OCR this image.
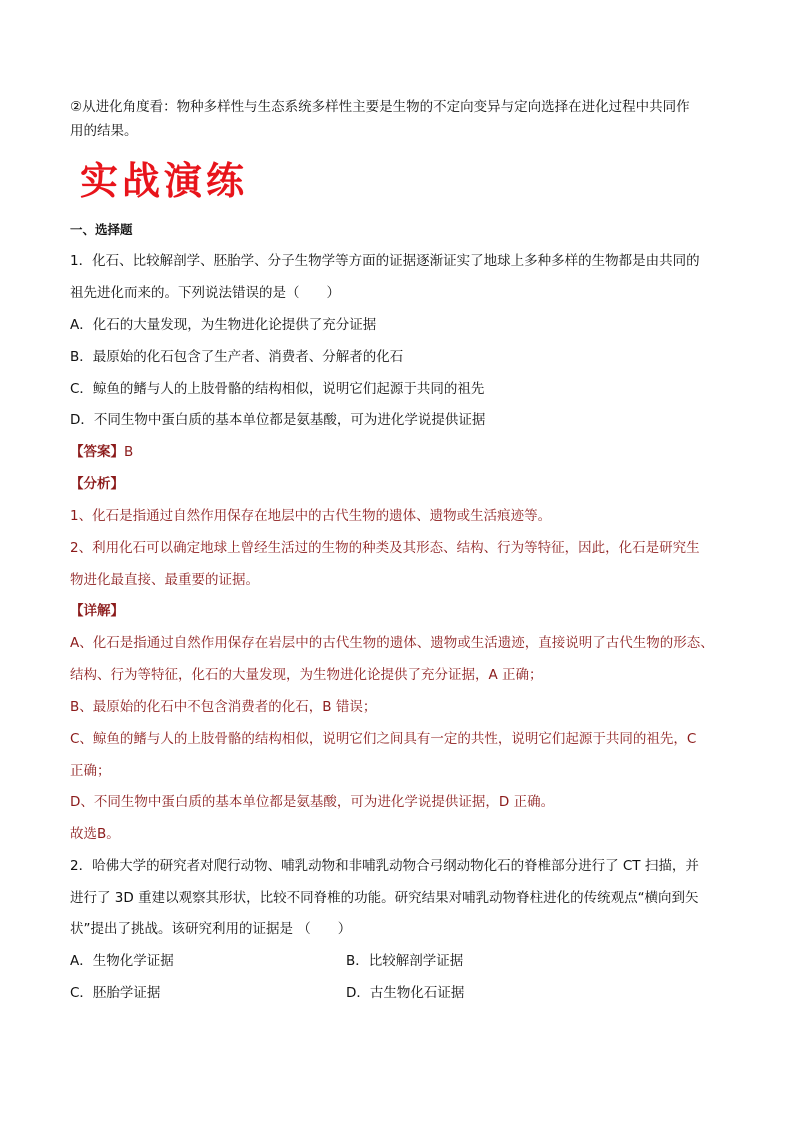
②从进化角度看：物种多样性与生态系统多样性主要是生物的不定向变异与定向选择在进化过程中共同作
用的结果。
实战演练
一、选择题
1．化石、比较解剖学、胚胎学、分子生物学等方面的证据逐渐证实了地球上多种多样的生物都是由共同的
祖先进化而来的。下列说法错误的是（　　）
A．化石的大量发现，为生物进化论提供了充分证据
B．最原始的化石包含了生产者、消费者、分解者的化石
C．鲸鱼的鳍与人的上肢骨骼的结构相似，说明它们起源于共同的祖先
D．不同生物中蛋白质的基本单位都是氨基酸，可为进化学说提供证据
【答案】B
【分析】
1、化石是指通过自然作用保存在地层中的古代生物的遗体、遗物或生活痕迹等。
2、利用化石可以确定地球上曾经生活过的生物的种类及其形态、结构、行为等特征，因此，化石是研究生
物进化最直接、最重要的证据。
【详解】
A、化石是指通过自然作用保存在岩层中的古代生物的遗体、遗物或生活遗迹，直接说明了古代生物的形态、
结构、行为等特征，化石的大量发现，为生物进化论提供了充分证据，A 正确；
B、最原始的化石中不包含消费者的化石，B 错误；
C、鲸鱼的鳍与人的上肢骨骼的结构相似，说明它们之间具有一定的共性，说明它们起源于共同的祖先，C
正确；
D、不同生物中蛋白质的基本单位都是氨基酸，可为进化学说提供证据，D 正确。
故选B。
2．哈佛大学的研究者对爬行动物、哺乳动物和非哺乳动物合弓纲动物化石的脊椎部分进行了 CT 扫描，并
进行了 3D 重建以观察其形状，比较不同脊椎的功能。研究结果对哺乳动物脊柱进化的传统观点“横向到矢
状”提出了挑战。该研究利用的证据是 （　　）
A．生物化学证据	B．比较解剖学证据
C．胚胎学证据	D．古生物化石证据
